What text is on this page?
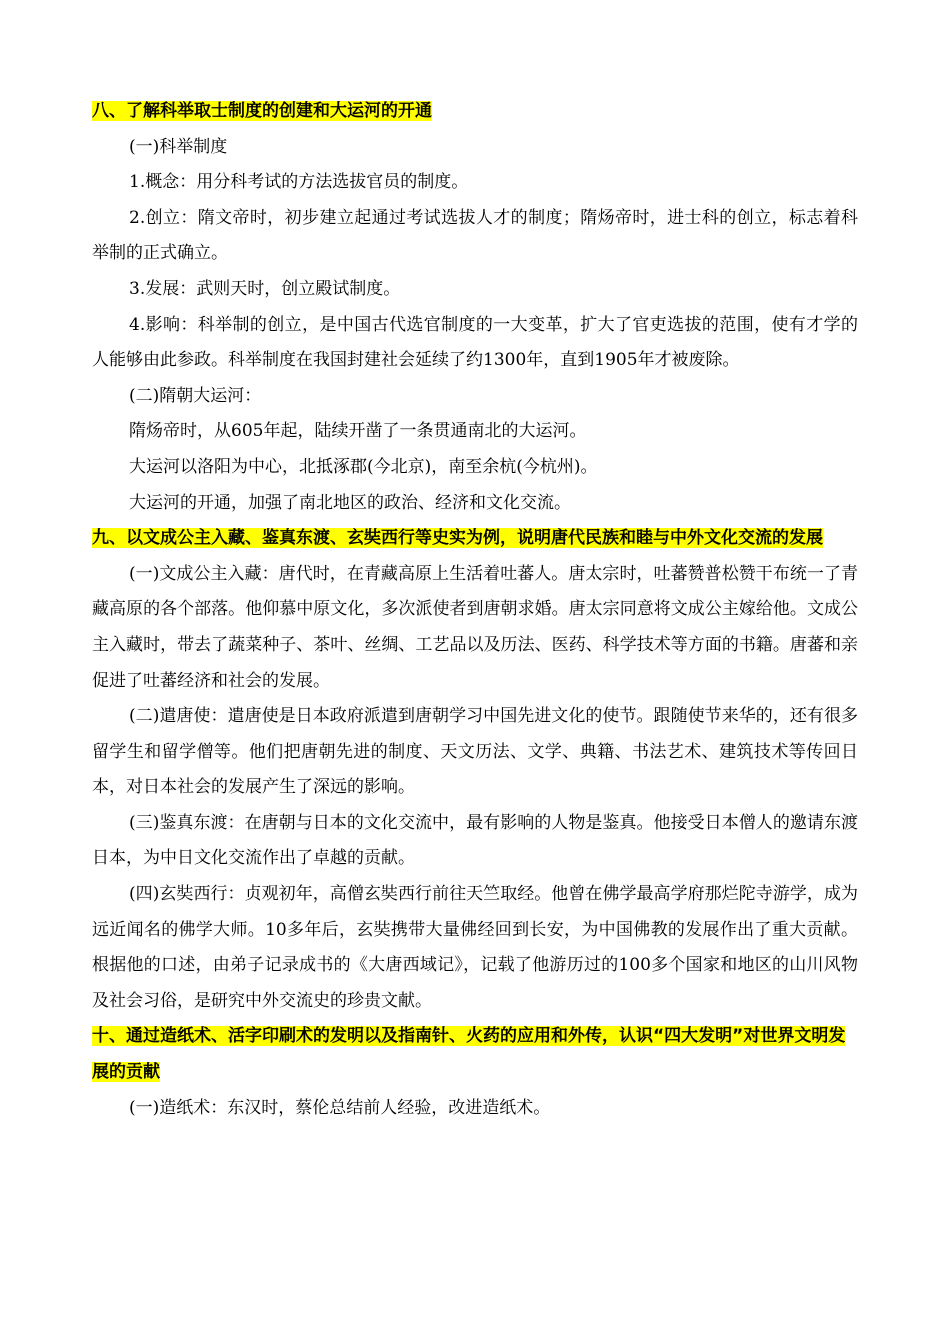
八、了解科举取士制度的创建和大运河的开通

(一)科举制度

1.概念：用分科考试的方法选拔官员的制度。

2.创立：隋文帝时，初步建立起通过考试选拔人才的制度；隋炀帝时，进士科的创立，标志着科举制的正式确立。

3.发展：武则天时，创立殿试制度。

4.影响：科举制的创立，是中国古代选官制度的一大变革，扩大了官吏选拔的范围，使有才学的人能够由此参政。科举制度在我国封建社会延续了约1300年，直到1905年才被废除。

(二)隋朝大运河：

隋炀帝时，从605年起，陆续开凿了一条贯通南北的大运河。

大运河以洛阳为中心，北抵涿郡(今北京)，南至余杭(今杭州)。

大运河的开通，加强了南北地区的政治、经济和文化交流。

九、以文成公主入藏、鉴真东渡、玄奘西行等史实为例，说明唐代民族和睦与中外文化交流的发展

(一)文成公主入藏：唐代时，在青藏高原上生活着吐蕃人。唐太宗时，吐蕃赞普松赞干布统一了青藏高原的各个部落。他仰慕中原文化，多次派使者到唐朝求婚。唐太宗同意将文成公主嫁给他。文成公主入藏时，带去了蔬菜种子、茶叶、丝绸、工艺品以及历法、医药、科学技术等方面的书籍。唐蕃和亲促进了吐蕃经济和社会的发展。

(二)遣唐使：遣唐使是日本政府派遣到唐朝学习中国先进文化的使节。跟随使节来华的，还有很多留学生和留学僧等。他们把唐朝先进的制度、天文历法、文学、典籍、书法艺术、建筑技术等传回日本，对日本社会的发展产生了深远的影响。

(三)鉴真东渡：在唐朝与日本的文化交流中，最有影响的人物是鉴真。他接受日本僧人的邀请东渡日本，为中日文化交流作出了卓越的贡献。

(四)玄奘西行：贞观初年，高僧玄奘西行前往天竺取经。他曾在佛学最高学府那烂陀寺游学，成为远近闻名的佛学大师。10多年后，玄奘携带大量佛经回到长安，为中国佛教的发展作出了重大贡献。根据他的口述，由弟子记录成书的《大唐西域记》，记载了他游历过的100多个国家和地区的山川风物及社会习俗，是研究中外交流史的珍贵文献。

十、通过造纸术、活字印刷术的发明以及指南针、火药的应用和外传，认识“四大发明”对世界文明发展的贡献

(一)造纸术：东汉时，蔡伦总结前人经验，改进造纸术。
